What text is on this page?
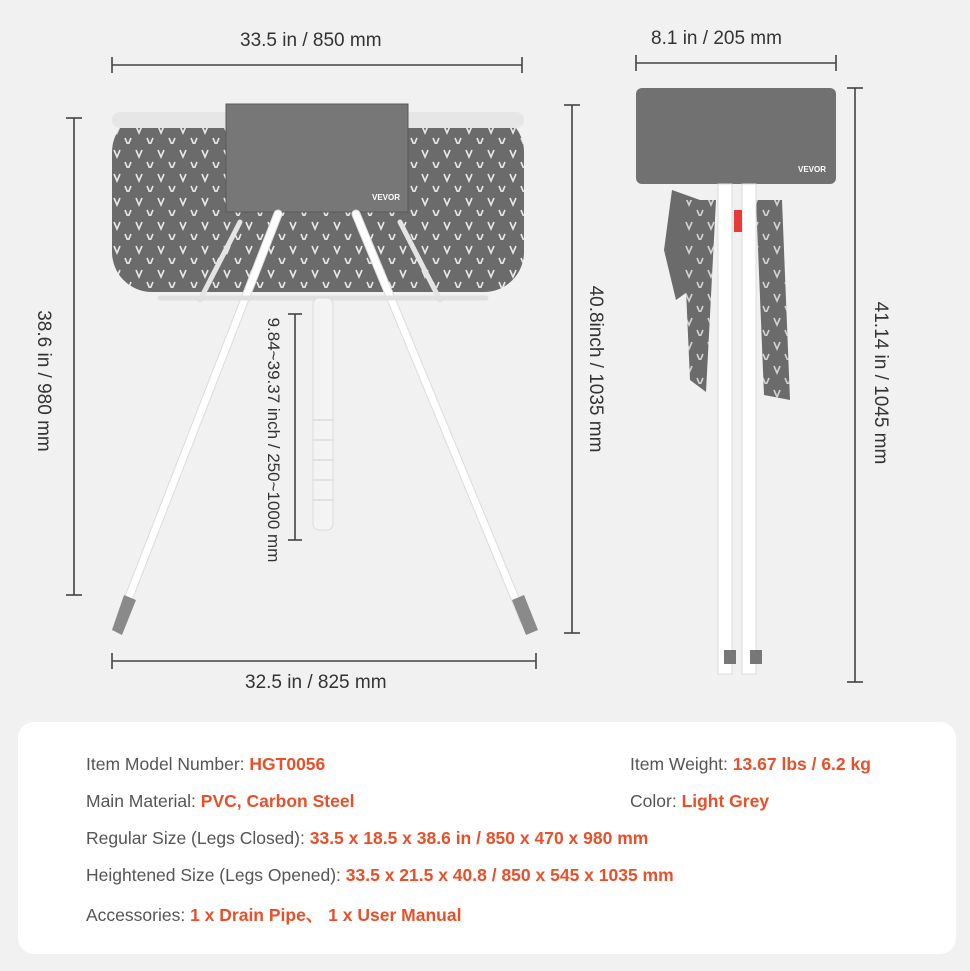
VEVOR
VEVOR
33.5 in / 850 mm
32.5 in / 825 mm
8.1 in / 205 mm
38.6 in / 980 mm	40.8inch / 1035 mm
9.84~39.37 inch / 250~1000 mm	41.14 in / 1045 mm
Item Model Number: HGT0056	Item Weight: 13.67 lbs / 6.2 kg
Main Material: PVC, Carbon Steel	Color: Light Grey
Regular Size (Legs Closed): 33.5 x 18.5 x 38.6 in / 850 x 470 x 980 mm
Heightened Size (Legs Opened): 33.5 x 21.5 x 40.8 / 850 x 545 x 1035 mm
Accessories: 1 x Drain Pipe、 1 x User Manual
